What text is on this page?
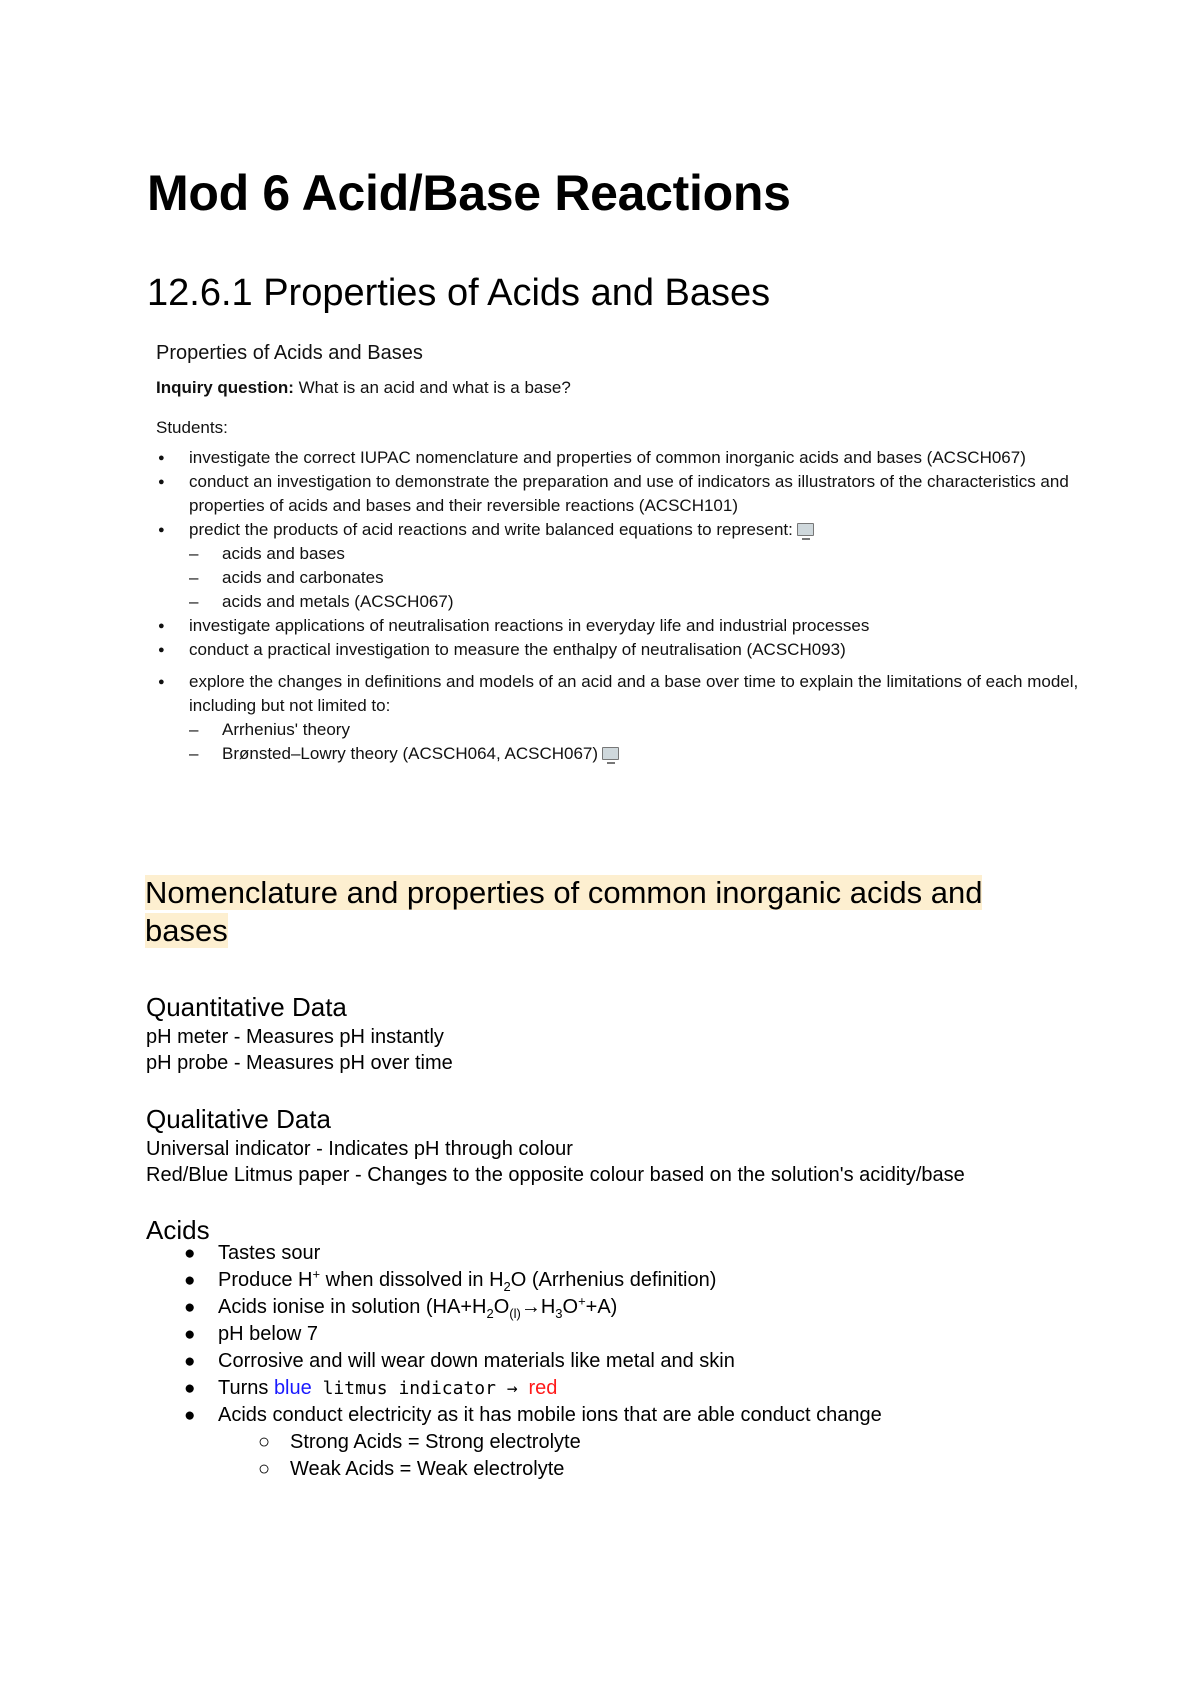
Mod 6 Acid/Base Reactions
12.6.1 Properties of Acids and Bases

Properties of Acids and Bases

Inquiry question: What is an acid and what is a base?

Students:

● investigate the correct IUPAC nomenclature and properties of common inorganic acids and bases (ACSCH067)
● conduct an investigation to demonstrate the preparation and use of indicators as illustrators of the characteristics and properties of acids and bases and their reversible reactions (ACSCH101)
● predict the products of acid reactions and write balanced equations to represent:
– acids and bases
– acids and carbonates
– acids and metals (ACSCH067)
● investigate applications of neutralisation reactions in everyday life and industrial processes
● conduct a practical investigation to measure the enthalpy of neutralisation (ACSCH093)
● explore the changes in definitions and models of an acid and a base over time to explain the limitations of each model, including but not limited to:
– Arrhenius' theory
– Brønsted–Lowry theory (ACSCH064, ACSCH067)
Nomenclature and properties of common inorganic acids and bases
Quantitative Data

pH meter - Measures pH instantly

pH probe - Measures pH over time

Qualitative Data

Universal indicator - Indicates pH through colour

Red/Blue Litmus paper - Changes to the opposite colour based on the solution's acidity/base

Acids
● Tastes sour
● Produce H+ when dissolved in $H_2O$ (Arrhenius definition)
● Acids ionise in solution $(HA+H_2O_{(l)}\to H_3O^++A)$
● pH below 7
● Corrosive and will wear down materials like metal and skin
● Turns blue litmus indicator → red
● Acids conduct electricity as it has mobile ions that are able conduct change
○ Strong Acids = Strong electrolyte
○ Weak Acids = Weak electrolyte
